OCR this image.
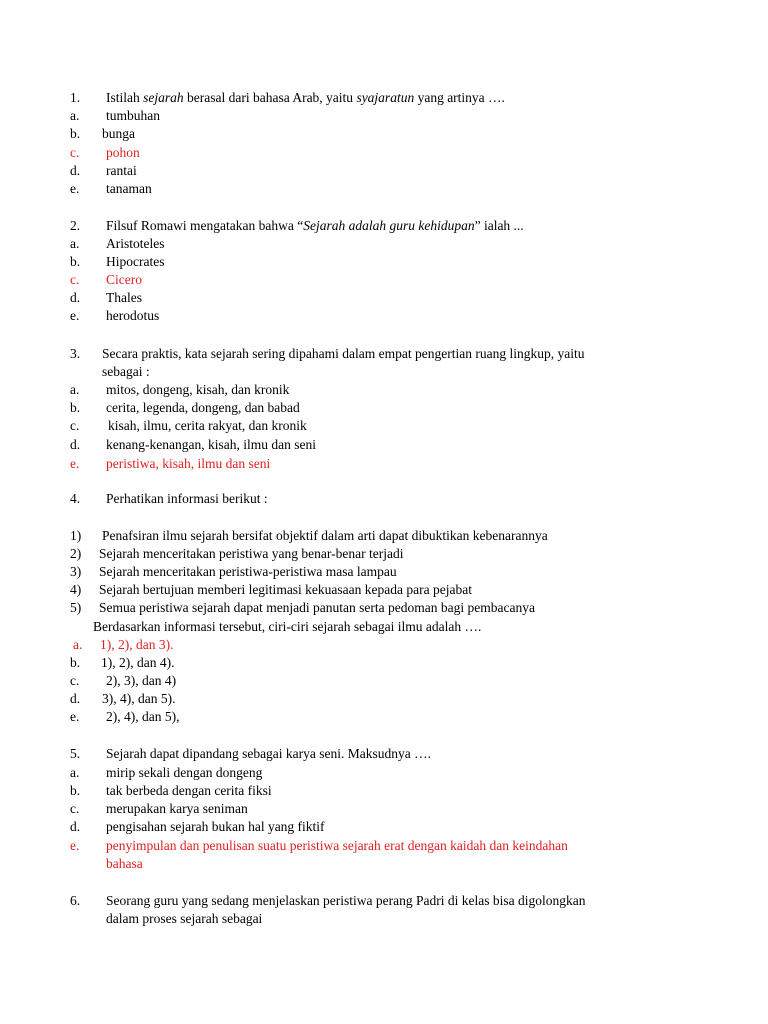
1. Istilah sejarah berasal dari bahasa Arab, yaitu syajaratun yang artinya ….
a. tumbuhan
b. bunga
c. pohon
d. rantai
e. tanaman
2. Filsuf Romawi mengatakan bahwa “Sejarah adalah guru kehidupan” ialah ...
a. Aristoteles
b. Hipocrates
c. Cicero
d. Thales
e. herodotus
3. Secara praktis, kata sejarah sering dipahami dalam empat pengertian ruang lingkup, yaitu
sebagai :
a. mitos, dongeng, kisah, dan kronik
b. cerita, legenda, dongeng, dan babad
c. kisah, ilmu, cerita rakyat, dan kronik
d. kenang-kenangan, kisah, ilmu dan seni
e. peristiwa, kisah, ilmu dan seni
4. Perhatikan informasi berikut :
1) Penafsiran ilmu sejarah bersifat objektif dalam arti dapat dibuktikan kebenarannya
2) Sejarah menceritakan peristiwa yang benar-benar terjadi
3) Sejarah menceritakan peristiwa-peristiwa masa lampau
4) Sejarah bertujuan memberi legitimasi kekuasaan kepada para pejabat
5) Semua peristiwa sejarah dapat menjadi panutan serta pedoman bagi pembacanya
Berdasarkan informasi tersebut, ciri-ciri sejarah sebagai ilmu adalah ….
a. 1), 2), dan 3).
b. 1), 2), dan 4).
c. 2), 3), dan 4)
d. 3), 4), dan 5).
e. 2), 4), dan 5),
5. Sejarah dapat dipandang sebagai karya seni. Maksudnya ….
a. mirip sekali dengan dongeng
b. tak berbeda dengan cerita fiksi
c. merupakan karya seniman
d. pengisahan sejarah bukan hal yang fiktif
e. penyimpulan dan penulisan suatu peristiwa sejarah erat dengan kaidah dan keindahan
bahasa
6. Seorang guru yang sedang menjelaskan peristiwa perang Padri di kelas bisa digolongkan
dalam proses sejarah sebagai
